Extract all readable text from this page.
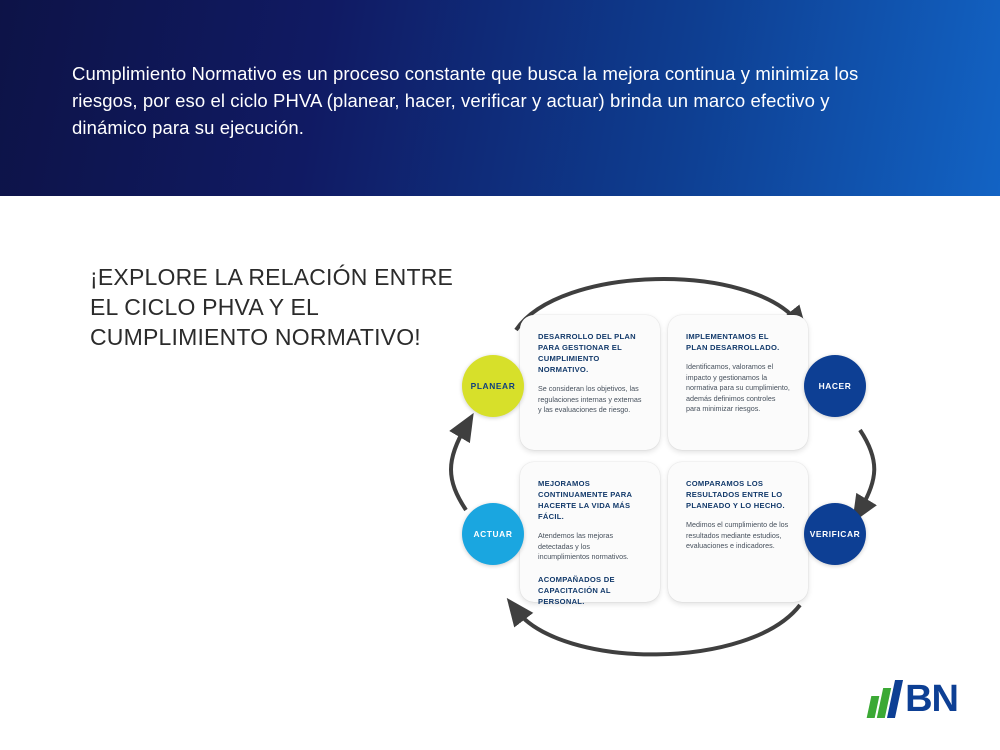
Cumplimiento Normativo es un proceso constante que busca la mejora continua y minimiza los riesgos, por eso el ciclo PHVA (planear, hacer, verificar y actuar) brinda un marco efectivo y dinámico para su ejecución.
¡EXPLORE LA RELACIÓN ENTRE EL CICLO PHVA Y EL CUMPLIMIENTO NORMATIVO!	DESARROLLO DEL PLAN PARA GESTIONAR EL CUMPLIMIENTO NORMATIVO.

Se consideran los objetivos, las regulaciones internas y externas y las evaluaciones de riesgo.

IMPLEMENTAMOS EL PLAN DESARROLLADO.

Identificamos, valoramos el impacto y gestionamos la normativa para su cumplimiento, además definimos controles para minimizar riesgos.

MEJORAMOS CONTINUAMENTE PARA HACERTE LA VIDA MÁS FÁCIL.

Atendemos las mejoras detectadas y los incumplimientos normativos.

ACOMPAÑADOS DE CAPACITACIÓN AL PERSONAL.

COMPARAMOS LOS RESULTADOS ENTRE LO PLANEADO Y LO HECHO.

Medimos el cumplimiento de los resultados mediante estudios, evaluaciones e indicadores.

PLANEAR	HACER
VERIFICAR
ACTUAR
BN
